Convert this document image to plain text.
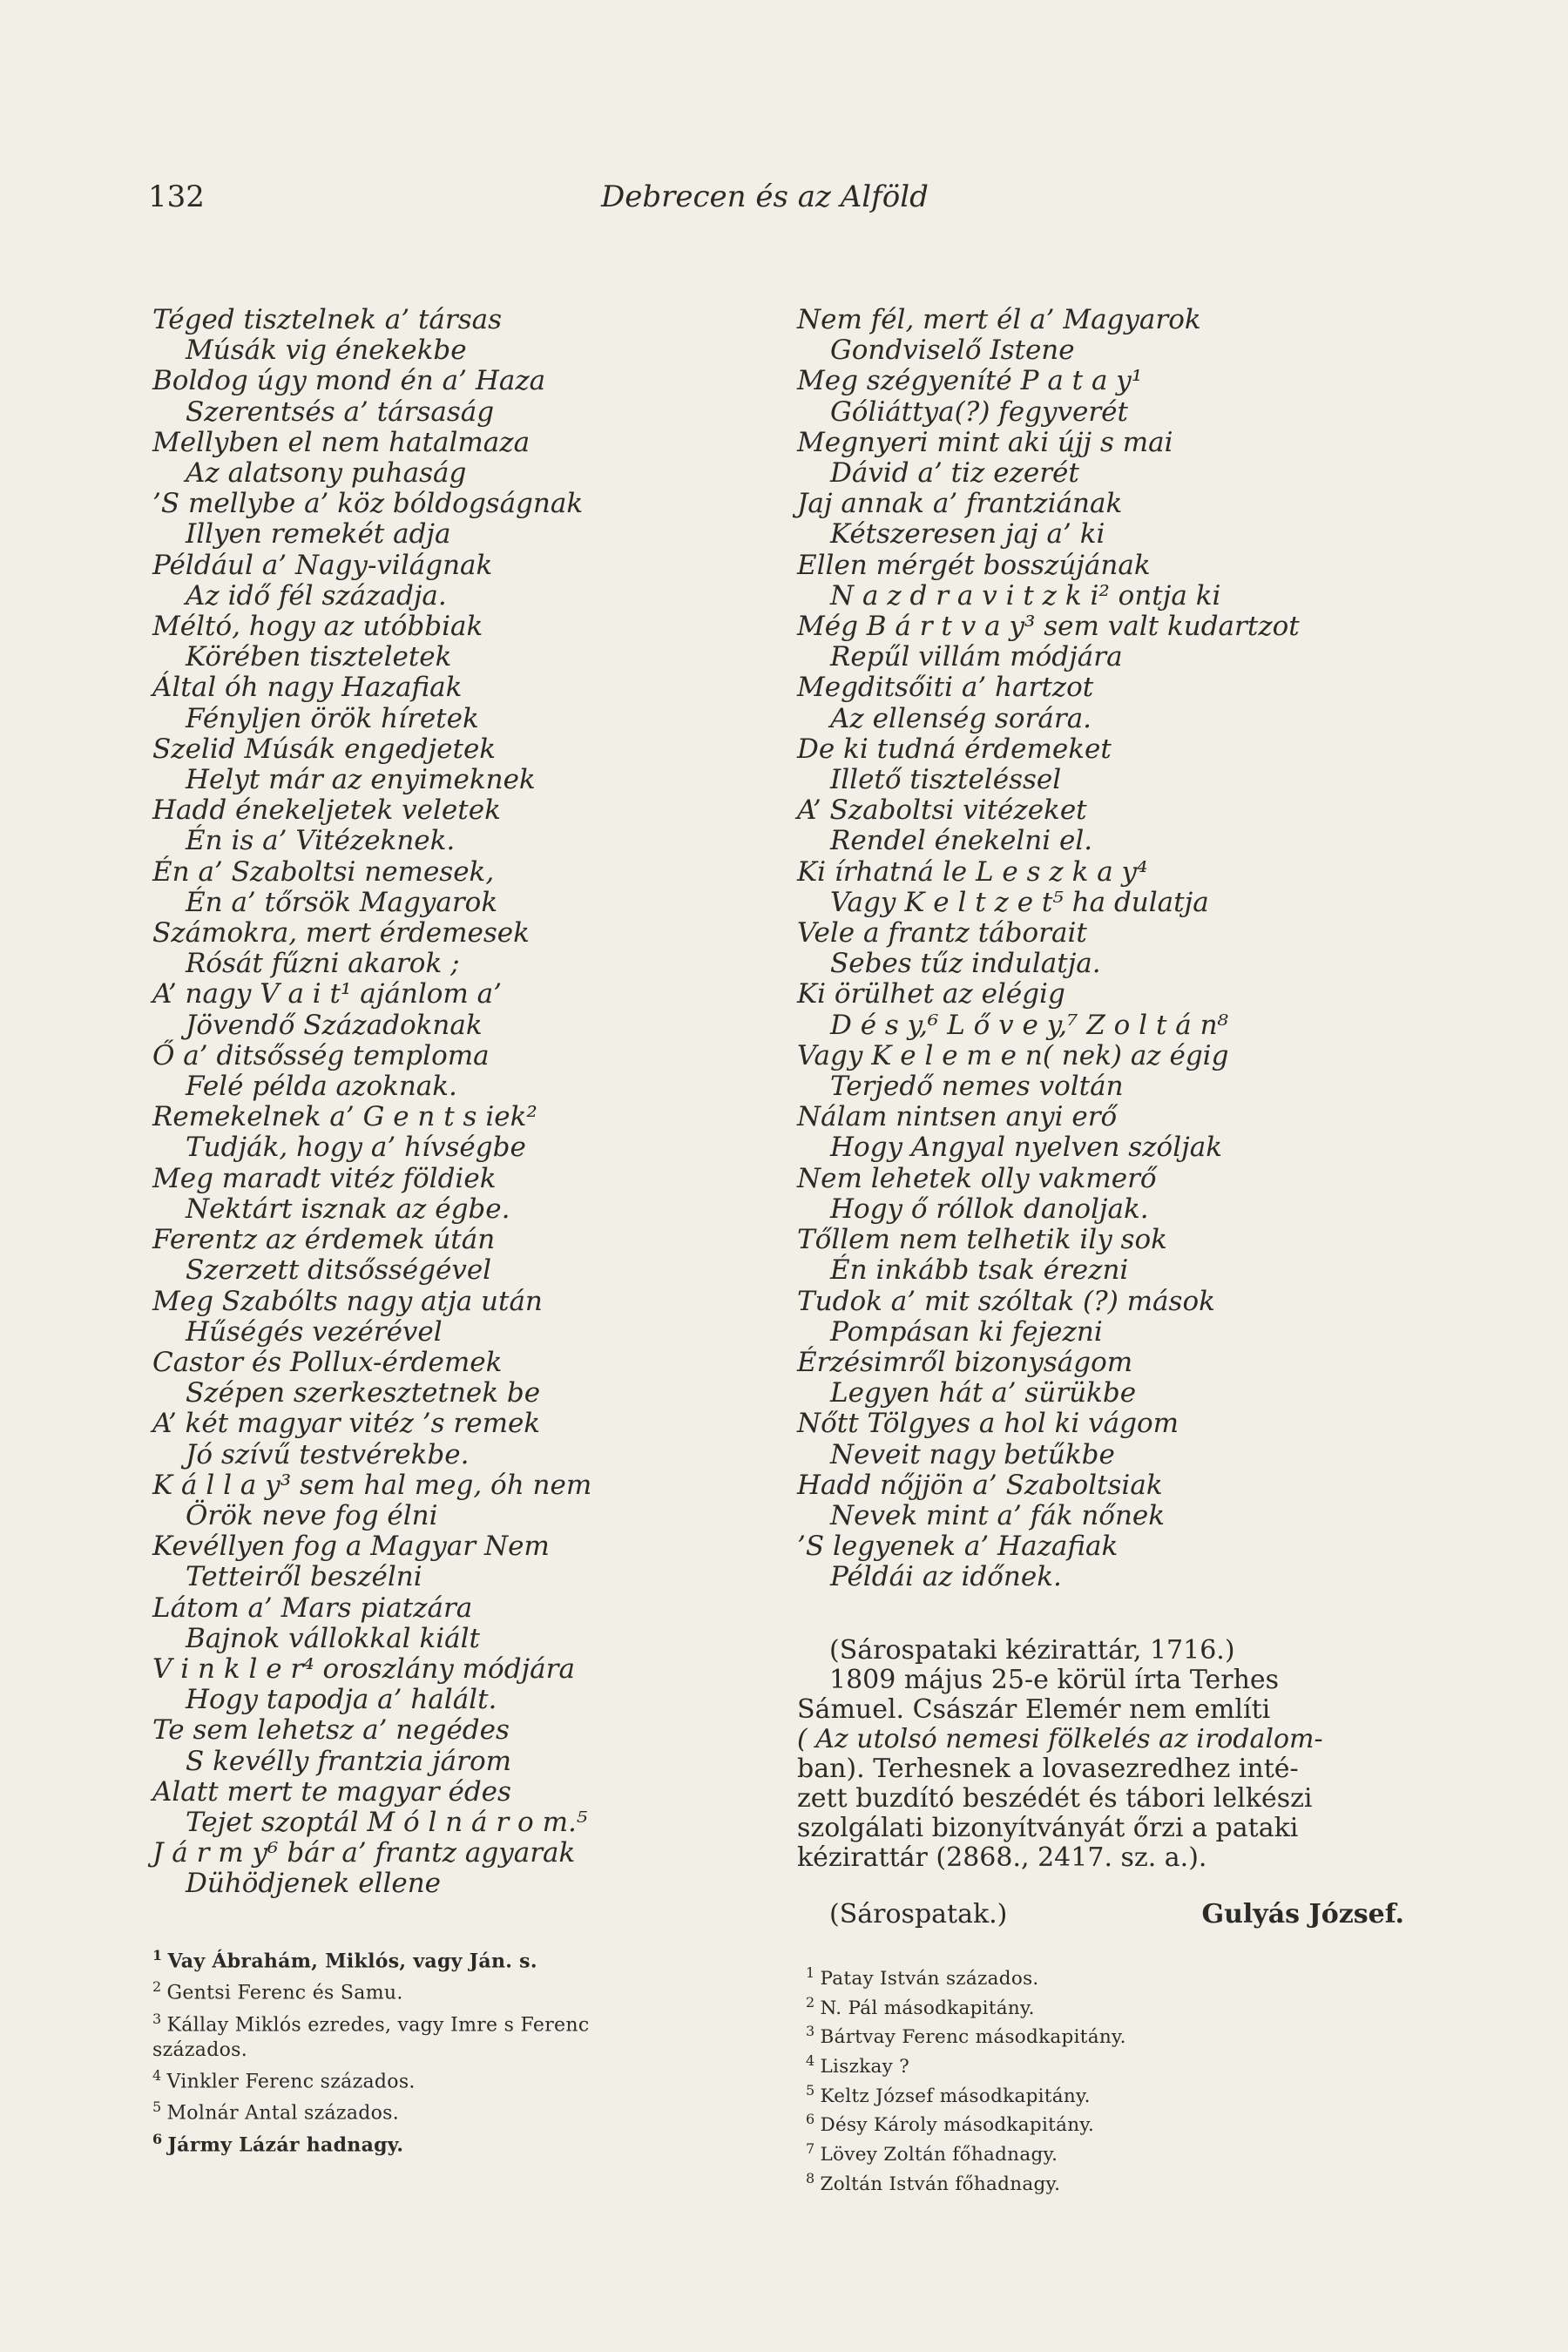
132	Debrecen és az Alföld
Téged tisztelnek a’ társas
Músák vig énekekbe
Boldog úgy mond én a’ Haza
Szerentsés a’ társaság
Mellyben el nem hatalmaza
Az alatsony puhaság
’S mellybe a’ köz bóldogságnak
Illyen remekét adja
Például a’ Nagy-világnak
Az idő fél századja.
Méltó, hogy az utóbbiak
Körében tiszteletek
Által óh nagy Hazafiak
Fényljen örök híretek
Szelid Músák engedjetek
Helyt már az enyimeknek
Hadd énekeljetek veletek
Én is a’ Vitézeknek.
Én a’ Szaboltsi nemesek,
Én a’ tőrsök Magyarok
Számokra, mert érdemesek
Rósát fűzni akarok ;
A’ nagy V a i t¹ ajánlom a’
Jövendő Századoknak
Ő a’ ditsősség temploma
Felé példa azoknak.
Remekelnek a’ G e n t s iek²
Tudják, hogy a’ hívségbe
Meg maradt vitéz földiek
Nektárt isznak az égbe.
Ferentz az érdemek útán
Szerzett ditsősségével
Meg Szabólts nagy atja után
Hűségés vezérével
Castor és Pollux-érdemek
Szépen szerkesztetnek be
A’ két magyar vitéz ’s remek
Jó szívű testvérekbe.
K á l l a y³ sem hal meg, óh nem
Örök neve fog élni
Kevéllyen fog a Magyar Nem
Tetteiről beszélni
Látom a’ Mars piatzára
Bajnok vállokkal kiált
V i n k l e r⁴ oroszlány módjára
Hogy tapodja a’ halált.
Te sem lehetsz a’ negédes
S kevélly frantzia járom
Alatt mert te magyar édes
Tejet szoptál M ó l n á r o m.⁵
J á r m y⁶ bár a’ frantz agyarak
Dühödjenek ellene
Nem fél, mert él a’ Magyarok
Gondviselő Istene
Meg szégyeníté P a t a y¹
Góliáttya(?) fegyverét
Megnyeri mint aki újj s mai
Dávid a’ tiz ezerét
Jaj annak a’ frantziának
Kétszeresen jaj a’ ki
Ellen mérgét bosszújának
N a z d r a v i t z k i² ontja ki
Még B á r t v a y³ sem valt kudartzot
Repűl villám módjára
Megditsőiti a’ hartzot
Az ellenség sorára.
De ki tudná érdemeket
Illető tiszteléssel
A’ Szaboltsi vitézeket
Rendel énekelni el.
Ki írhatná le L e s z k a y⁴
Vagy K e l t z e t⁵ ha dulatja
Vele a frantz táborait
Sebes tűz indulatja.
Ki örülhet az elégig
D é s y,⁶ L ő v e y,⁷ Z o l t á n⁸
Vagy K e l e m e n( nek) az égig
Terjedő nemes voltán
Nálam nintsen anyi erő
Hogy Angyal nyelven szóljak
Nem lehetek olly vakmerő
Hogy ő róllok danoljak.
Tőllem nem telhetik ily sok
Én inkább tsak érezni
Tudok a’ mit szóltak (?) mások
Pompásan ki fejezni
Érzésimről bizonyságom
Legyen hát a’ sürükbe
Nőtt Tölgyes a hol ki vágom
Neveit nagy betűkbe
Hadd nőjjön a’ Szaboltsiak
Nevek mint a’ fák nőnek
’S legyenek a’ Hazafiak
Példái az időnek.
$^1$ Vay Ábrahám, Miklós, vagy Ján. s.
$^2$ Gentsi Ferenc és Samu.
$^3$ Kállay Miklós ezredes, vagy Imre s Ferenc
százados.
$^4$ Vinkler Ferenc százados.
$^5$ Molnár Antal százados.
$^6$ Jármy Lázár hadnagy.
(Sárospataki kézirattár, 1716.)
1809 május 25-e körül írta Terhes
Sámuel. Császár Elemér nem említi
( Az utolsó nemesi fölkelés az irodalom-
ban). Terhesnek a lovasezredhez inté-
zett buzdító beszédét és tábori lelkészi
szolgálati bizonyítványát őrzi a pataki
kézirattár (2868., 2417. sz. a.).
(Sárospatak.)	Gulyás József.
$^1$ Patay István százados.
$^2$ N. Pál másodkapitány.
$^3$ Bártvay Ferenc másodkapitány.
$^4$ Liszkay ?
$^5$ Keltz József másodkapitány.
$^6$ Désy Károly másodkapitány.
$^7$ Lövey Zoltán főhadnagy.
$^8$ Zoltán István főhadnagy.
